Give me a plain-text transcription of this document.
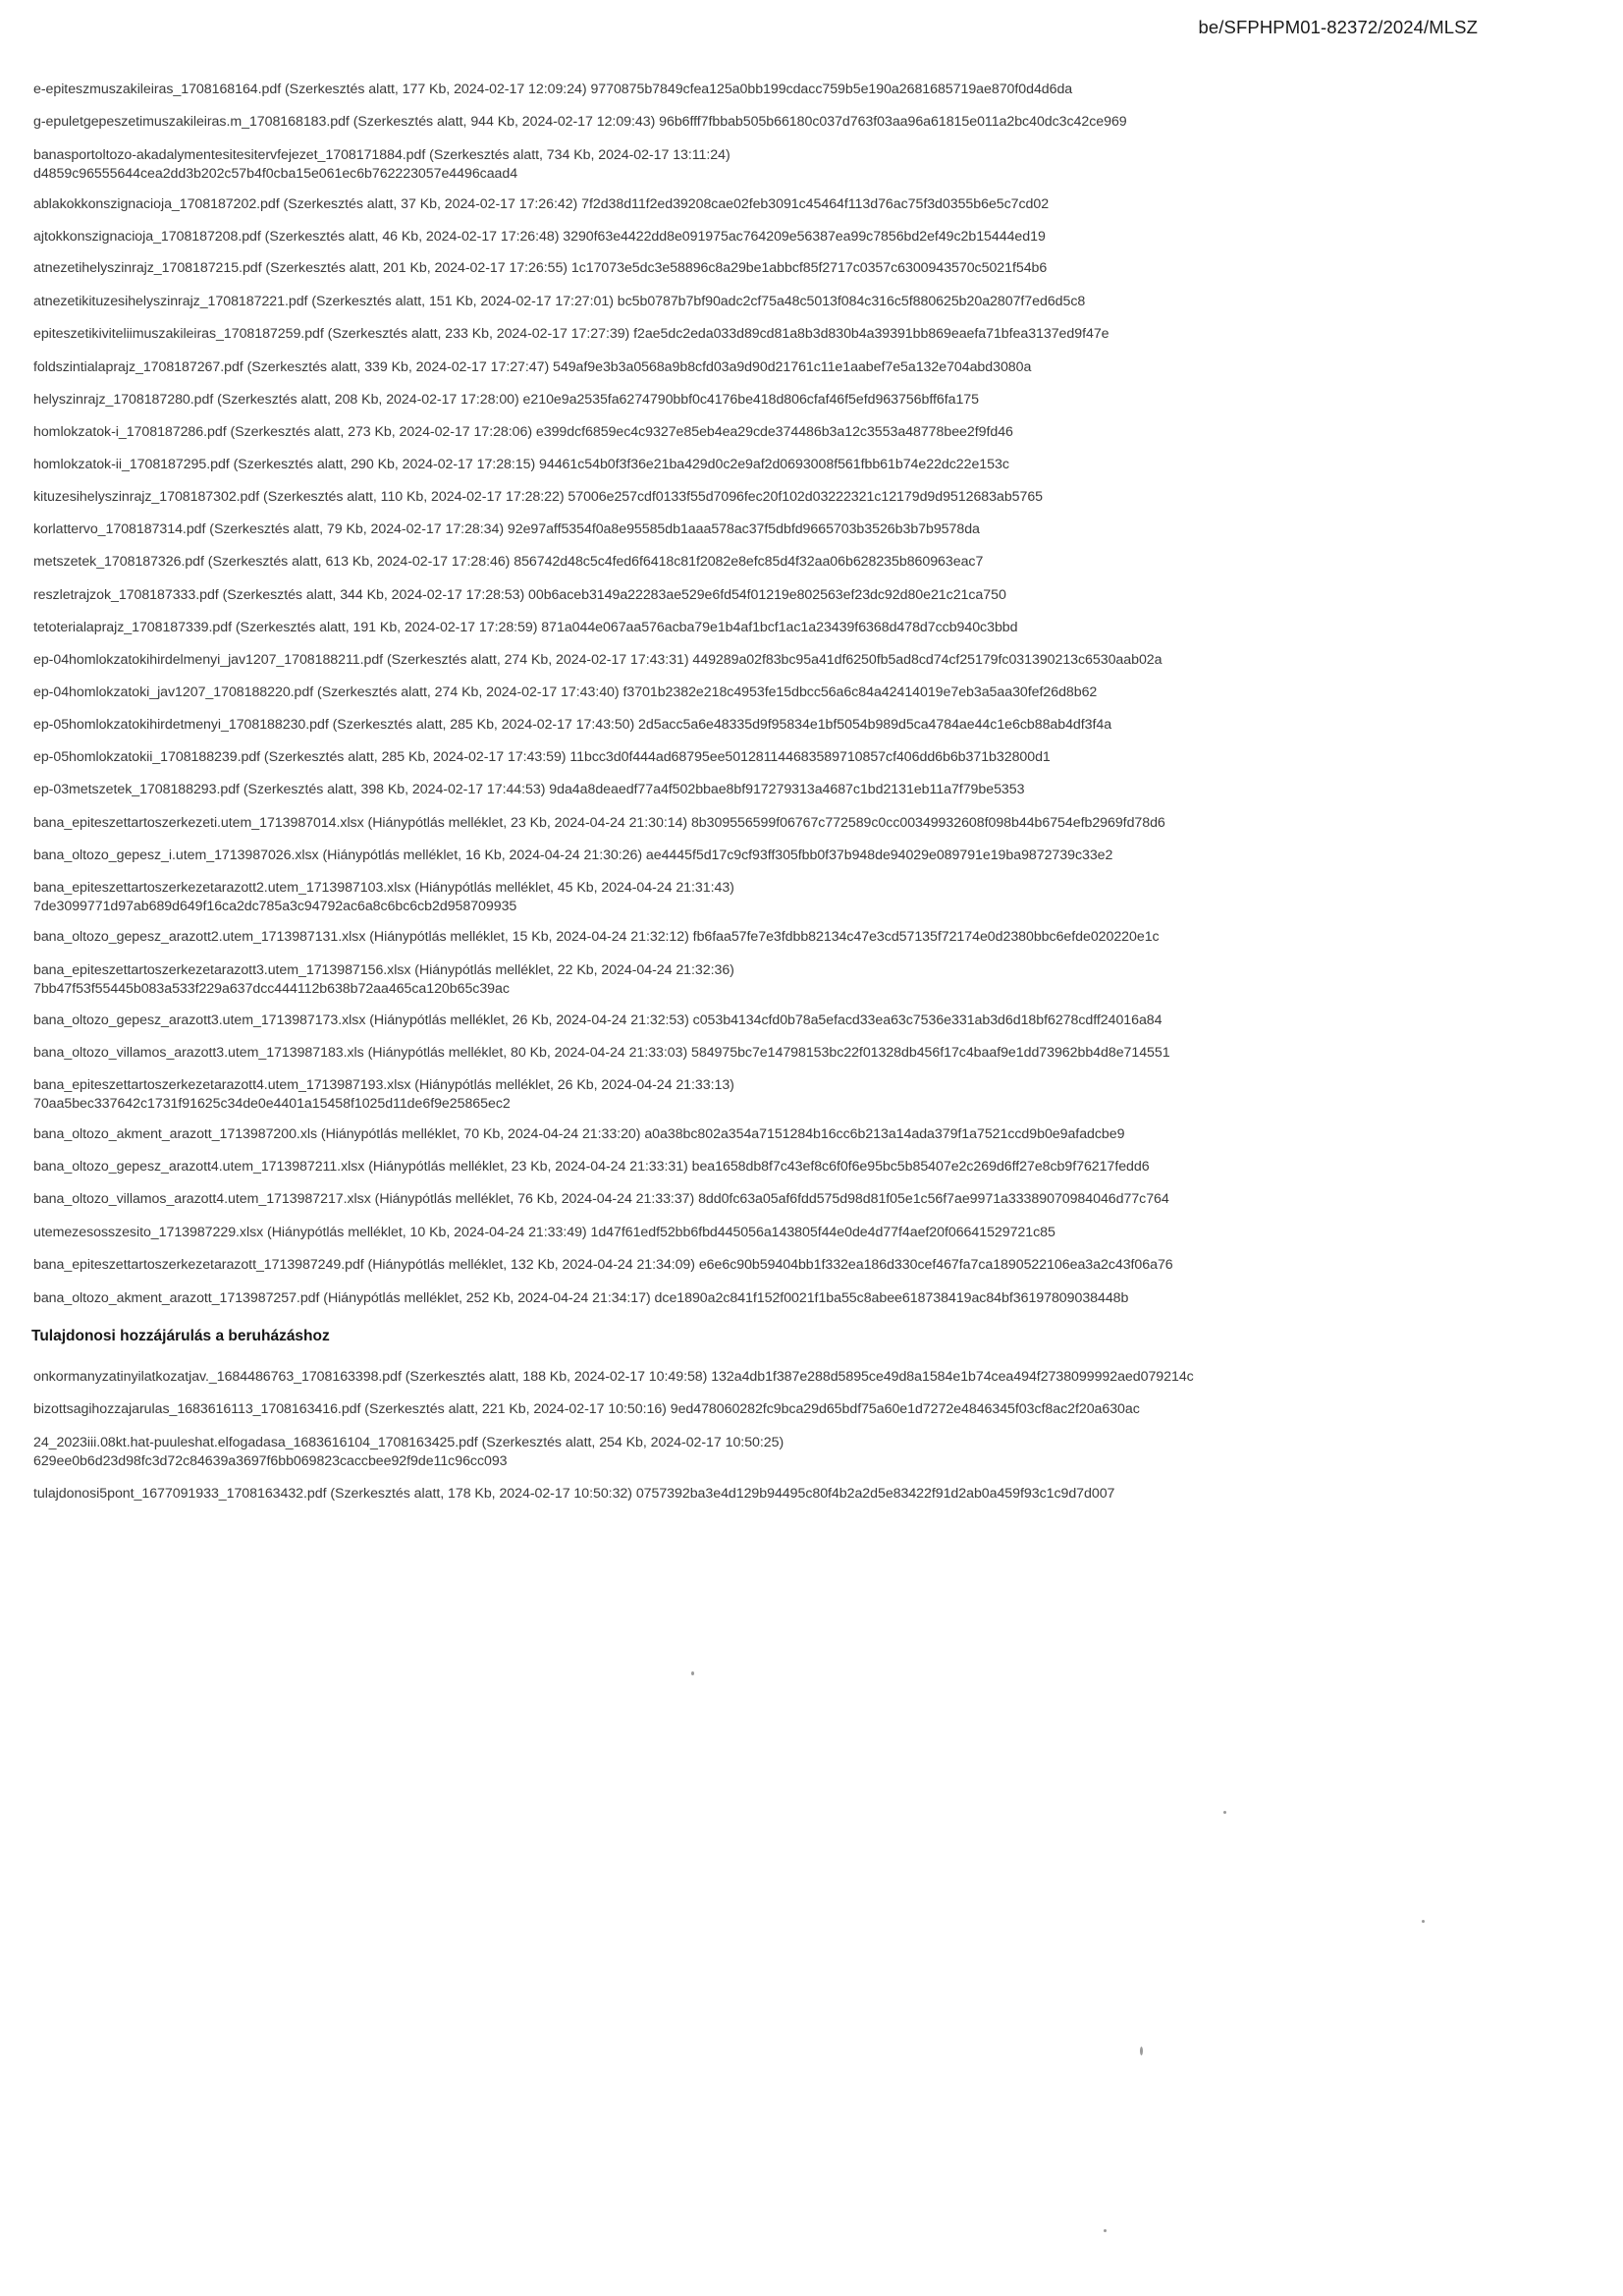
be/SFPHPM01-82372/2024/MLSZ
e-epiteszmuszakileiras_1708168164.pdf (Szerkesztés alatt, 177 Kb, 2024-02-17 12:09:24) 9770875b7849cfea125a0bb199cdacc759b5e190a2681685719ae870f0d4d6da
g-epuletgepeszetimuszakileiras.m_1708168183.pdf (Szerkesztés alatt, 944 Kb, 2024-02-17 12:09:43) 96b6fff7fbbab505b66180c037d763f03aa96a61815e011a2bc40dc3c42ce969
banasportoltozo-akadalymentesitesitervfejezet_1708171884.pdf (Szerkesztés alatt, 734 Kb, 2024-02-17 13:11:24)
d4859c96555644cea2dd3b202c57b4f0cba15e061ec6b762223057e4496caad4
ablakokkonszignacioja_1708187202.pdf (Szerkesztés alatt, 37 Kb, 2024-02-17 17:26:42) 7f2d38d11f2ed39208cae02feb3091c45464f113d76ac75f3d0355b6e5c7cd02
ajtokkonszignacioja_1708187208.pdf (Szerkesztés alatt, 46 Kb, 2024-02-17 17:26:48) 3290f63e4422dd8e091975ac764209e56387ea99c7856bd2ef49c2b15444ed19
atnezetihelyszinrajz_1708187215.pdf (Szerkesztés alatt, 201 Kb, 2024-02-17 17:26:55) 1c17073e5dc3e58896c8a29be1abbcf85f2717c0357c6300943570c5021f54b6
atnezetikituzesihelyszinrajz_1708187221.pdf (Szerkesztés alatt, 151 Kb, 2024-02-17 17:27:01) bc5b0787b7bf90adc2cf75a48c5013f084c316c5f880625b20a2807f7ed6d5c8
epiteszetikiviteliimuszakileiras_1708187259.pdf (Szerkesztés alatt, 233 Kb, 2024-02-17 17:27:39) f2ae5dc2eda033d89cd81a8b3d830b4a39391bb869eaefa71bfea3137ed9f47e
foldszintialaprajz_1708187267.pdf (Szerkesztés alatt, 339 Kb, 2024-02-17 17:27:47) 549af9e3b3a0568a9b8cfd03a9d90d21761c11e1aabef7e5a132e704abd3080a
helyszinrajz_1708187280.pdf (Szerkesztés alatt, 208 Kb, 2024-02-17 17:28:00) e210e9a2535fa6274790bbf0c4176be418d806cfaf46f5efd963756bff6fa175
homlokzatok-i_1708187286.pdf (Szerkesztés alatt, 273 Kb, 2024-02-17 17:28:06) e399dcf6859ec4c9327e85eb4ea29cde374486b3a12c3553a48778bee2f9fd46
homlokzatok-ii_1708187295.pdf (Szerkesztés alatt, 290 Kb, 2024-02-17 17:28:15) 94461c54b0f3f36e21ba429d0c2e9af2d0693008f561fbb61b74e22dc22e153c
kituzesihelyszinrajz_1708187302.pdf (Szerkesztés alatt, 110 Kb, 2024-02-17 17:28:22) 57006e257cdf0133f55d7096fec20f102d03222321c12179d9d9512683ab5765
korlattervo_1708187314.pdf (Szerkesztés alatt, 79 Kb, 2024-02-17 17:28:34) 92e97aff5354f0a8e95585db1aaa578ac37f5dbfd9665703b3526b3b7b9578da
metszetek_1708187326.pdf (Szerkesztés alatt, 613 Kb, 2024-02-17 17:28:46) 856742d48c5c4fed6f6418c81f2082e8efc85d4f32aa06b628235b860963eac7
reszletrajzok_1708187333.pdf (Szerkesztés alatt, 344 Kb, 2024-02-17 17:28:53) 00b6aceb3149a22283ae529e6fd54f01219e802563ef23dc92d80e21c21ca750
tetoterialaprajz_1708187339.pdf (Szerkesztés alatt, 191 Kb, 2024-02-17 17:28:59) 871a044e067aa576acba79e1b4af1bcf1ac1a23439f6368d478d7ccb940c3bbd
ep-04homlokzatokihirdelmenyi_jav1207_1708188211.pdf (Szerkesztés alatt, 274 Kb, 2024-02-17 17:43:31) 449289a02f83bc95a41df6250fb5ad8cd74cf25179fc031390213c6530aab02a
ep-04homlokzatoki_jav1207_1708188220.pdf (Szerkesztés alatt, 274 Kb, 2024-02-17 17:43:40) f3701b2382e218c4953fe15dbcc56a6c84a42414019e7eb3a5aa30fef26d8b62
ep-05homlokzatokihirdetmenyi_1708188230.pdf (Szerkesztés alatt, 285 Kb, 2024-02-17 17:43:50) 2d5acc5a6e48335d9f95834e1bf5054b989d5ca4784ae44c1e6cb88ab4df3f4a
ep-05homlokzatokii_1708188239.pdf (Szerkesztés alatt, 285 Kb, 2024-02-17 17:43:59) 11bcc3d0f444ad68795ee5012811446835897108​57cf406dd6b6b371b32800d1
ep-03metszetek_1708188293.pdf (Szerkesztés alatt, 398 Kb, 2024-02-17 17:44:53) 9da4a8deaedf77a4f502bbae8bf917279313a4687c1bd2131eb11a7f79be5353
bana_epiteszettartoszerkezeti.utem_1713987014.xlsx (Hiánypótlás melléklet, 23 Kb, 2024-04-24 21:30:14) 8b309556599f06767c772589c0cc00349932608f098b44b6754efb2969fd78d6
bana_oltozo_gepesz_i.utem_1713987026.xlsx (Hiánypótlás melléklet, 16 Kb, 2024-04-24 21:30:26) ae4445f5d17c9cf93ff305fbb0f37b948de94029e089791e19ba9872739c33e2
bana_epiteszettartoszerkezetarazott2.utem_1713987103.xlsx (Hiánypótlás melléklet, 45 Kb, 2024-04-24 21:31:43)
7de3099771d97ab689d649f16ca2dc785a3c94792ac6a8c6bc6cb2d958709935
bana_oltozo_gepesz_arazott2.utem_1713987131.xlsx (Hiánypótlás melléklet, 15 Kb, 2024-04-24 21:32:12) fb6faa57fe7e3fdbb82134c47e3cd57135f72174e0d2380bbc6efde020220e1c
bana_epiteszettartoszerkezetarazott3.utem_1713987156.xlsx (Hiánypótlás melléklet, 22 Kb, 2024-04-24 21:32:36)
7bb47f53f55445b083a533f229a637dcc444112b638b72aa465ca120b65c39ac
bana_oltozo_gepesz_arazott3.utem_1713987173.xlsx (Hiánypótlás melléklet, 26 Kb, 2024-04-24 21:32:53) c053b4134cfd0b78a5efacd33ea63c7536e331ab3d6d18bf6278cdff24016a84
bana_oltozo_villamos_arazott3.utem_1713987183.xls (Hiánypótlás melléklet, 80 Kb, 2024-04-24 21:33:03) 584975bc7e14798153bc22f01328db456f17c4baaf9e1dd73962bb4d8e714551
bana_epiteszettartoszerkezetarazott4.utem_1713987193.xlsx (Hiánypótlás melléklet, 26 Kb, 2024-04-24 21:33:13)
70aa5bec337642c1731f91625c34de0e4401a15458f1025d11de6f9e25865ec2
bana_oltozo_akment_arazott_1713987200.xls (Hiánypótlás melléklet, 70 Kb, 2024-04-24 21:33:20) a0a38bc802a354a7151284b16cc6b213a14ada379f1a7521ccd9b0e9afadcbe9
bana_oltozo_gepesz_arazott4.utem_1713987211.xlsx (Hiánypótlás melléklet, 23 Kb, 2024-04-24 21:33:31) bea1658db8f7c43ef8c6f0f6e95bc5b85407e2c269d6ff27e8cb9f76217fedd6
bana_oltozo_villamos_arazott4.utem_1713987217.xlsx (Hiánypótlás melléklet, 76 Kb, 2024-04-24 21:33:37) 8dd0fc63a05af6fdd575d98d81f05e1c56f7ae9971a33389070984046d77c764
utemezesosszesito_1713987229.xlsx (Hiánypótlás melléklet, 10 Kb, 2024-04-24 21:33:49) 1d47f61edf52bb6fbd445056a143805f44e0de4d77f4aef20f06641529721c85
bana_epiteszettartoszerkezetarazott_1713987249.pdf (Hiánypótlás melléklet, 132 Kb, 2024-04-24 21:34:09) e6e6c90b59404bb1f332ea186d330cef467fa7ca1890522106ea3a2c43f06a76
bana_oltozo_akment_arazott_1713987257.pdf (Hiánypótlás melléklet, 252 Kb, 2024-04-24 21:34:17) dce1890a2c841f152f0021f1ba55c8abee618738419ac84bf36197809038448b
Tulajdonosi hozzájárulás a beruházáshoz
onkormanyzatinyilatkozatjav._1684486763_1708163398.pdf (Szerkesztés alatt, 188 Kb, 2024-02-17 10:49:58) 132a4db1f387e288d5895ce49d8a1584e1b74cea494f2738099992aed079214c
bizottsagihozzajarulas_1683616113_1708163416.pdf (Szerkesztés alatt, 221 Kb, 2024-02-17 10:50:16) 9ed478060282fc9bca29d65bdf75a60e1d7272e4846345f03cf8ac2f20a630ac
24_2023iii.08kt.hat-puuleshat.elfogadasa_1683616104_1708163425.pdf (Szerkesztés alatt, 254 Kb, 2024-02-17 10:50:25)
629ee0b6d23d98fc3d72c84639a3697f6bb069823caccbee92f9de11c96cc093
tulajdonosi5pont_1677091933_1708163432.pdf (Szerkesztés alatt, 178 Kb, 2024-02-17 10:50:32) 0757392ba3e4d129b94495c80f4b2a2d5e83422f91d2ab0a459f93c1c9d7d007
